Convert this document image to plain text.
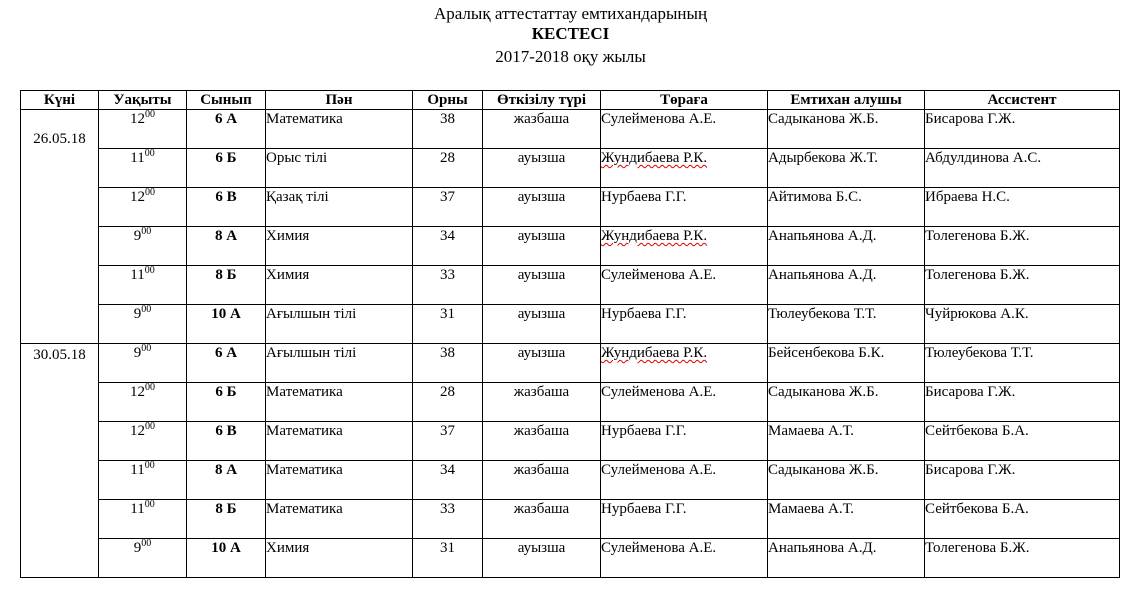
Аралық аттестаттау емтихандарының
КЕСТЕСІ
2017-2018 оқу жылы
Күні	Уақыты	Сынып	Пән	Орны	Өткізілу түрі	Төраға	Емтихан алушы	Ассистент

26.05.18	$12^{00}$	6 А	Математика	38	жазбаша	Сулейменова А.Е.	Садыканова Ж.Б.	Бисарова Г.Ж.
	$11^{00}$	6 Б	Орыс тілі	28	ауызша	Жундибаева Р.К.	Адырбекова Ж.Т.	Абдулдинова А.С.
	$12^{00}$	6 В	Қазақ тілі	37	ауызша	Нурбаева Г.Г.	Айтимова Б.С.	Ибраева Н.С.
	$9^{00}$	8 А	Химия	34	ауызша	Жундибаева Р.К.	Анапьянова А.Д.	Толегенова Б.Ж.
	$11^{00}$	8 Б	Химия	33	ауызша	Сулейменова А.Е.	Анапьянова А.Д.	Толегенова Б.Ж.
	$9^{00}$	10 А	Ағылшын тілі	31	ауызша	Нурбаева Г.Г.	Тюлеубекова Т.Т.	Чуйрюкова А.К.

30.05.18	$9^{00}$	6 А	Ағылшын тілі	38	ауызша	Жундибаева Р.К.	Бейсенбекова Б.К.	Тюлеубекова Т.Т.
	$12^{00}$	6 Б	Математика	28	жазбаша	Сулейменова А.Е.	Садыканова Ж.Б.	Бисарова Г.Ж.
	$12^{00}$	6 В	Математика	37	жазбаша	Нурбаева Г.Г.	Мамаева А.Т.	Сейтбекова Б.А.
	$11^{00}$	8 А	Математика	34	жазбаша	Сулейменова А.Е.	Садыканова Ж.Б.	Бисарова Г.Ж.
	$11^{00}$	8 Б	Математика	33	жазбаша	Нурбаева Г.Г.	Мамаева А.Т.	Сейтбекова Б.А.
	$9^{00}$	10 А	Химия	31	ауызша	Сулейменова А.Е.	Анапьянова А.Д.	Толегенова Б.Ж.
